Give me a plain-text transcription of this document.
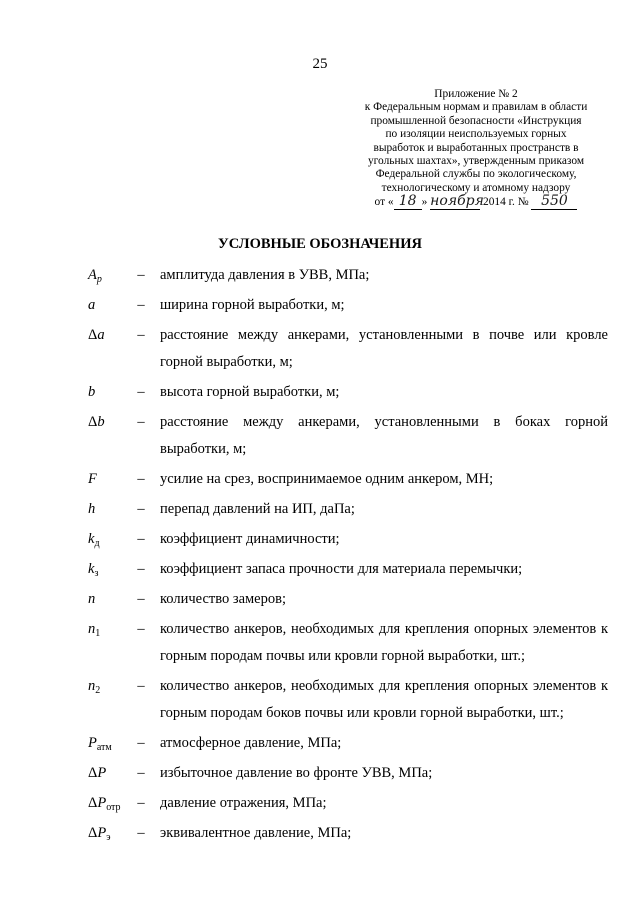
25
Приложение № 2
к Федеральным нормам и правилам в области
промышленной безопасности «Инструкция
по изоляции неиспользуемых горных
выработок и выработанных пространств в
угольных шахтах», утвержденным приказом
Федеральной службы по экологическому,
технологическому и атомному надзору
от « 18 » ноября 2014 г. № 550
УСЛОВНЫЕ ОБОЗНАЧЕНИЯ
$A_p$	– амплитуда давления в УВВ, МПа;
a	– ширина горной выработки, м;
Δa	– расстояние между анкерами, установленными в почве или кровле горной выработки, м;
b	– высота горной выработки, м;
Δb	– расстояние между анкерами, установленными в боках горной выработки, м;
F	– усилие на срез, воспринимаемое одним анкером, МН;
h	– перепад давлений на ИП, даПа;
$k_д$	– коэффициент динамичности;
$k_з$	– коэффициент запаса прочности для материала перемычки;
n	– количество замеров;
$n_1$	– количество анкеров, необходимых для крепления опорных элементов к горным породам почвы или кровли горной выработки, шт.;
$n_2$	– количество анкеров, необходимых для крепления опорных элементов к горным породам боков почвы или кровли горной выработки, шт.;
$P_{атм}$	– атмосферное давление, МПа;
ΔP	– избыточное давление во фронте УВВ, МПа;
$\Delta P_{отр}$	– давление отражения, МПа;
$\Delta P_э$	– эквивалентное давление, МПа;
